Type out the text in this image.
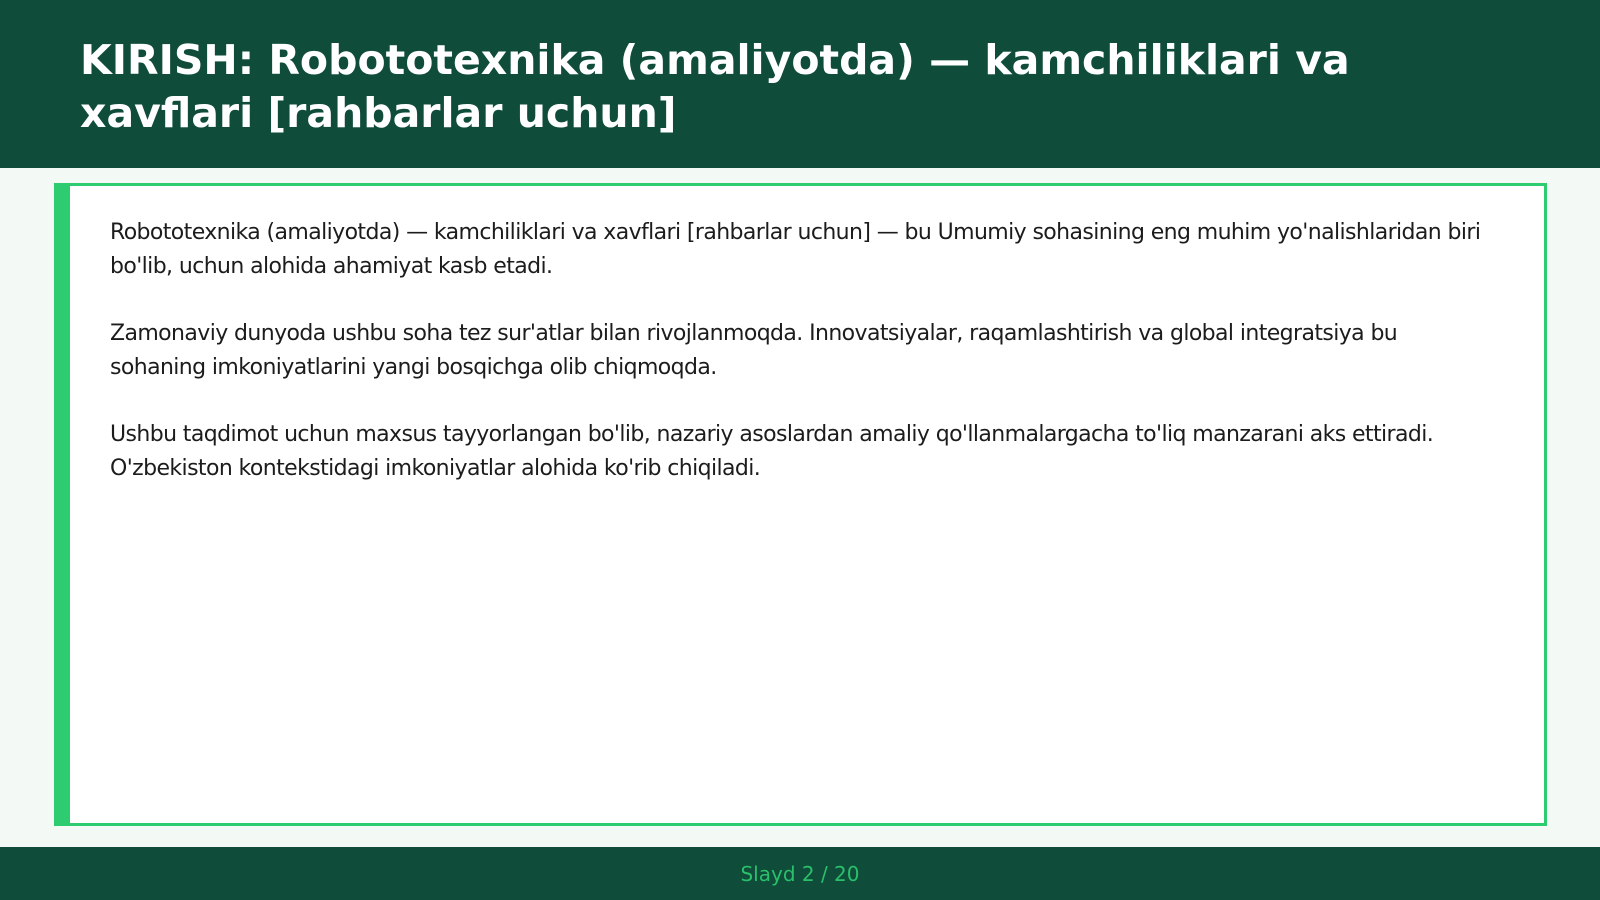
KIRISH: Robototexnika (amaliyotda) — kamchiliklari va xavflari [rahbarlar uchun]

Robototexnika (amaliyotda) — kamchiliklari va xavflari [rahbarlar uchun] — bu Umumiy sohasining eng muhim yo'nalishlaridan biri bo'lib, uchun alohida ahamiyat kasb etadi.

Zamonaviy dunyoda ushbu soha tez sur'atlar bilan rivojlanmoqda. Innovatsiyalar, raqamlashtirish va global integratsiya bu sohaning imkoniyatlarini yangi bosqichga olib chiqmoqda.

Ushbu taqdimot uchun maxsus tayyorlangan bo'lib, nazariy asoslardan amaliy qo'llanmalargacha to'liq manzarani aks ettiradi. O'zbekiston kontekstidagi imkoniyatlar alohida ko'rib chiqiladi.

Slayd 2 / 20
